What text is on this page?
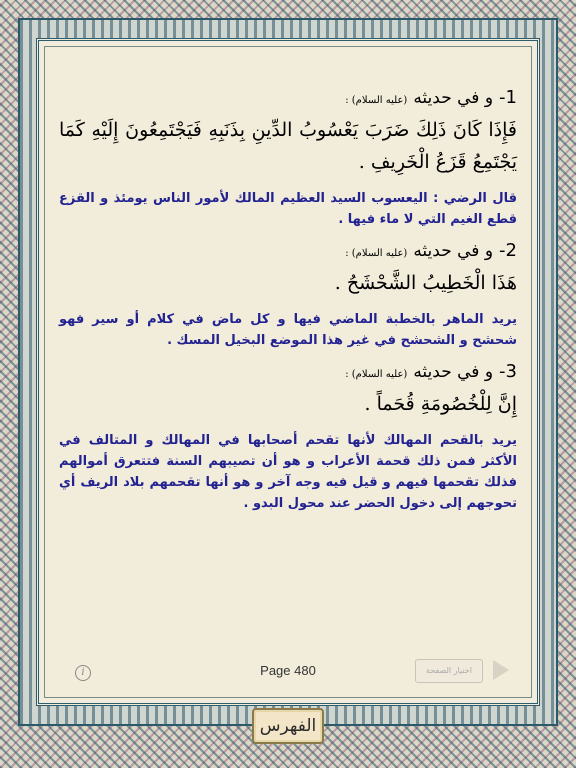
1-
و في حديثه
(عليه السلام) :

فَإِذَا كَانَ ذَلِكَ ضَرَبَ يَعْسُوبُ الدِّينِ بِذَنَبِهِ فَيَجْتَمِعُونَ إِلَيْهِ كَمَا يَجْتَمِعُ قَزَعُ الْخَرِيفِ .

قال الرضي : اليعسوب السيد العظيم المالك لأمور الناس يومئذ و القزع قطع الغيم التي لا ماء فيها .

2-
و في حديثه
(عليه السلام) :

هَذَا الْخَطِيبُ الشَّحْشَحُ .

يريد الماهر بالخطبة الماضي فيها و كل ماض في كلام أو سير فهو شحشح و الشحشح في غير هذا الموضع البخيل المسك .

3-
و في حديثه
(عليه السلام) :

إِنَّ لِلْخُصُومَةِ قُحَماً .

يريد بالقحم المهالك لأنها تقحم أصحابها في المهالك و المتالف في الأكثر فمن ذلك قحمة الأعراب و هو أن تصيبهم السنة فتتعرق أموالهم فذلك تقحمها فيهم و قيل فيه وجه آخر و هو أنها تقحمهم بلاد الريف أي تحوجهم إلى دخول الحضر عند محول البدو .

i	Page 480	اختيار الصفحة
الفهرس
